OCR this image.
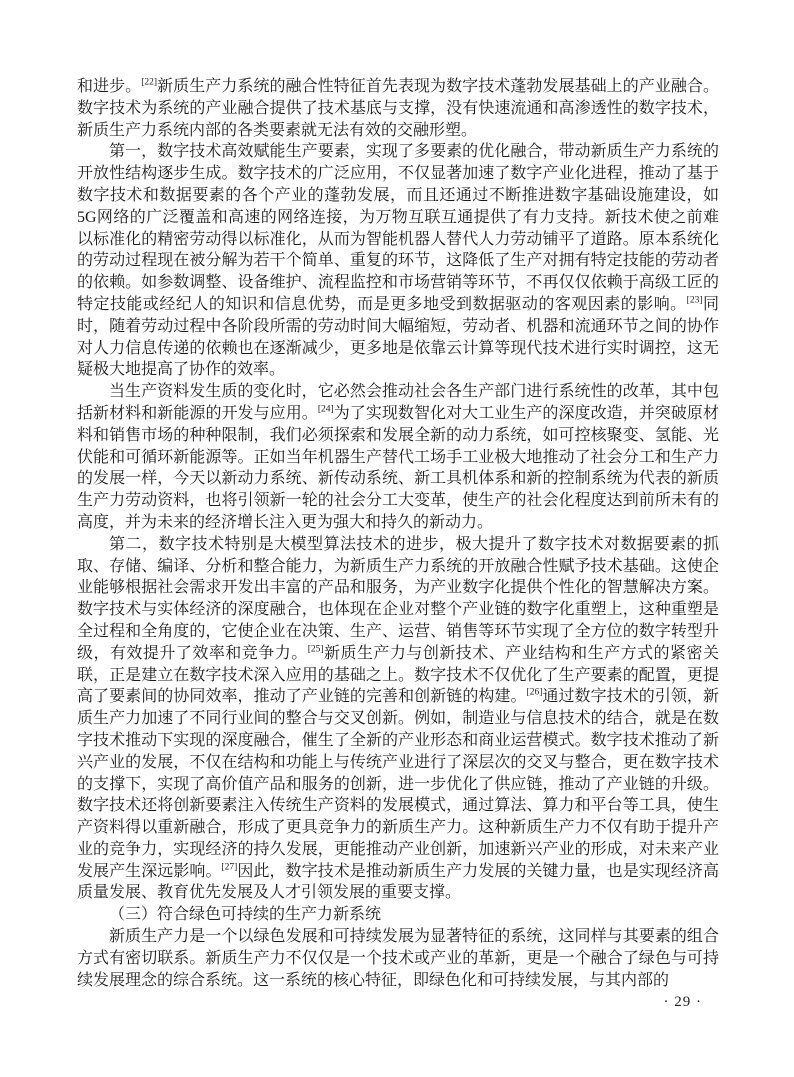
和进步。[22]新质生产力系统的融合性特征首先表现为数字技术蓬勃发展基础上的产业融合。数字技术为系统的产业融合提供了技术基底与支撑，没有快速流通和高渗透性的数字技术，新质生产力系统内部的各类要素就无法有效的交融形塑。

第一，数字技术高效赋能生产要素，实现了多要素的优化融合，带动新质生产力系统的开放性结构逐步生成。数字技术的广泛应用，不仅显著加速了数字产业化进程，推动了基于数字技术和数据要素的各个产业的蓬勃发展，而且还通过不断推进数字基础设施建设，如5G网络的广泛覆盖和高速的网络连接，为万物互联互通提供了有力支持。新技术使之前难以标准化的精密劳动得以标准化，从而为智能机器人替代人力劳动铺平了道路。原本系统化的劳动过程现在被分解为若干个简单、重复的环节，这降低了生产对拥有特定技能的劳动者的依赖。如参数调整、设备维护、流程监控和市场营销等环节，不再仅仅依赖于高级工匠的特定技能或经纪人的知识和信息优势，而是更多地受到数据驱动的客观因素的影响。[23]同时，随着劳动过程中各阶段所需的劳动时间大幅缩短，劳动者、机器和流通环节之间的协作对人力信息传递的依赖也在逐渐减少，更多地是依靠云计算等现代技术进行实时调控，这无疑极大地提高了协作的效率。

当生产资料发生质的变化时，它必然会推动社会各生产部门进行系统性的改革，其中包括新材料和新能源的开发与应用。[24]为了实现数智化对大工业生产的深度改造，并突破原材料和销售市场的种种限制，我们必须探索和发展全新的动力系统，如可控核聚变、氢能、光伏能和可循环新能源等。正如当年机器生产替代工场手工业极大地推动了社会分工和生产力的发展一样，今天以新动力系统、新传动系统、新工具机体系和新的控制系统为代表的新质生产力劳动资料，也将引领新一轮的社会分工大变革，使生产的社会化程度达到前所未有的高度，并为未来的经济增长注入更为强大和持久的新动力。

第二，数字技术特别是大模型算法技术的进步，极大提升了数字技术对数据要素的抓取、存储、编译、分析和整合能力，为新质生产力系统的开放融合性赋予技术基础。这使企业能够根据社会需求开发出丰富的产品和服务，为产业数字化提供个性化的智慧解决方案。数字技术与实体经济的深度融合，也体现在企业对整个产业链的数字化重塑上，这种重塑是全过程和全角度的，它使企业在决策、生产、运营、销售等环节实现了全方位的数字转型升级，有效提升了效率和竞争力。[25]新质生产力与创新技术、产业结构和生产方式的紧密关联，正是建立在数字技术深入应用的基础之上。数字技术不仅优化了生产要素的配置，更提高了要素间的协同效率，推动了产业链的完善和创新链的构建。[26]通过数字技术的引领，新质生产力加速了不同行业间的整合与交叉创新。例如，制造业与信息技术的结合，就是在数字技术推动下实现的深度融合，催生了全新的产业形态和商业运营模式。数字技术推动了新兴产业的发展，不仅在结构和功能上与传统产业进行了深层次的交叉与整合，更在数字技术的支撑下，实现了高价值产品和服务的创新，进一步优化了供应链，推动了产业链的升级。数字技术还将创新要素注入传统生产资料的发展模式，通过算法、算力和平台等工具，使生产资料得以重新融合，形成了更具竞争力的新质生产力。这种新质生产力不仅有助于提升产业的竞争力，实现经济的持久发展，更能推动产业创新，加速新兴产业的形成，对未来产业发展产生深远影响。[27]因此，数字技术是推动新质生产力发展的关键力量，也是实现经济高质量发展、教育优先发展及人才引领发展的重要支撑。

（三）符合绿色可持续的生产力新系统

新质生产力是一个以绿色发展和可持续发展为显著特征的系统，这同样与其要素的组合方式有密切联系。新质生产力不仅仅是一个技术或产业的革新，更是一个融合了绿色与可持续发展理念的综合系统。这一系统的核心特征，即绿色化和可持续发展，与其内部的

· 29 ·
